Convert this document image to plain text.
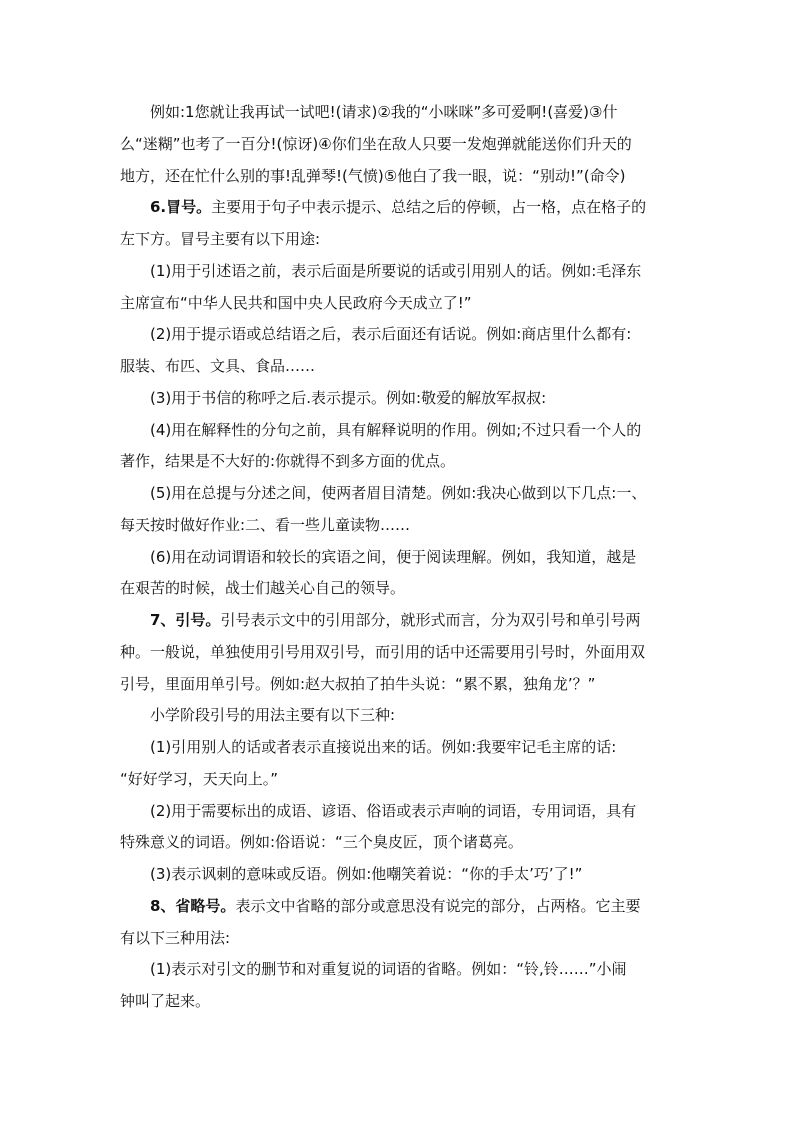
例如:1您就让我再试一试吧!(请求)②我的“小咪咪”多可爱啊!(喜爱)③什
么“迷糊”也考了一百分!(惊讶)④你们坐在敌人只要一发炮弹就能送你们升天的
地方，还在忙什么别的事!乱弹琴!(气愤)⑤他白了我一眼，说：“别动!”(命令)
6.冒号。主要用于句子中表示提示、总结之后的停顿，占一格，点在格子的
左下方。冒号主要有以下用途:
(1)用于引述语之前，表示后面是所要说的话或引用别人的话。例如:毛泽东
主席宣布“中华人民共和国中央人民政府今天成立了!”
(2)用于提示语或总结语之后，表示后面还有话说。例如:商店里什么都有:
服装、布匹、文具、食品……
(3)用于书信的称呼之后.表示提示。例如:敬爱的解放军叔叔:
(4)用在解释性的分句之前，具有解释说明的作用。例如;不过只看一个人的
著作，结果是不大好的:你就得不到多方面的优点。
(5)用在总提与分述之间，使两者眉目清楚。例如:我决心做到以下几点:一、
每天按时做好作业:二、看一些儿童读物……
(6)用在动词谓语和较长的宾语之间，便于阅读理解。例如，我知道，越是
在艰苦的时候，战士们越关心自己的领导。
7、引号。引号表示文中的引用部分，就形式而言，分为双引号和单引号两
种。一般说，单独使用引号用双引号，而引用的话中还需要用引号时，外面用双
引号，里面用单引号。例如:赵大叔拍了拍牛头说：“累不累，独角龙’？”
小学阶段引号的用法主要有以下三种:
(1)引用别人的话或者表示直接说出来的话。例如:我要牢记毛主席的话:
“好好学习，天天向上。”
(2)用于需要标出的成语、谚语、俗语或表示声响的词语，专用词语，具有
特殊意义的词语。例如:俗语说：“三个臭皮匠，顶个诸葛亮。
(3)表示讽刺的意味或反语。例如:他嘲笑着说：“你的手太’巧’了!”
8、省略号。表示文中省略的部分或意思没有说完的部分，占两格。它主要
有以下三种用法:
(1)表示对引文的删节和对重复说的词语的省略。例如：“铃,铃……”小闹
钟叫了起来。
